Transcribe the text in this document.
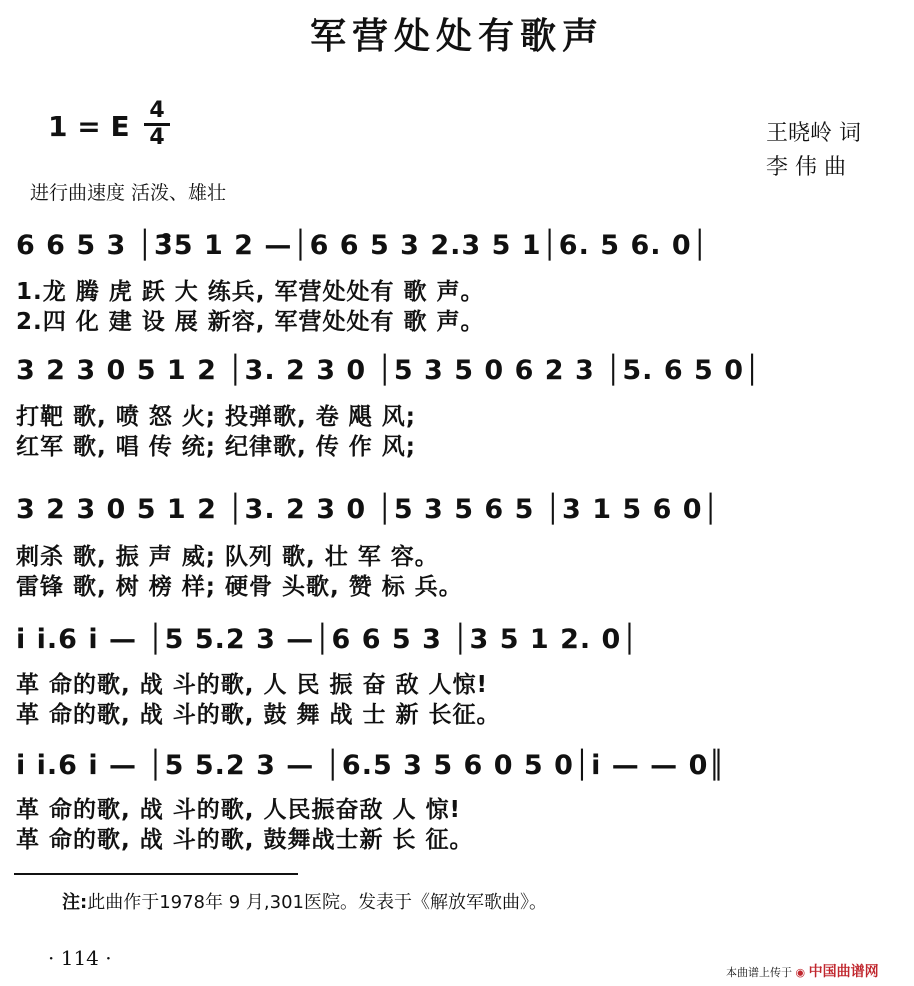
军营处处有歌声
1 = E 4
4	王晓岭 词
李 伟 曲
进行曲速度 活泼、雄壮
6 6 5 3 │3̑5 1 2 —│6 6 5 3 2.3 5 1│6. 5 6. 0│
1.龙 腾 虎 跃 大 练兵, 军营处处有 歌 声。
2.四 化 建 设 展 新容, 军营处处有 歌 声。
3 2 3 0 5 1 2 │3. 2 3 0 │5 3 5 0 6 2 3 │5. 6 5 0│
打靶 歌, 喷 怒 火; 投弹歌, 卷 飓 风;
红军 歌, 唱 传 统; 纪律歌, 传 作 风;
3 2 3 0 5 1 2 │3. 2 3 0 │5 3 5 6 5 │3 1 5 6 0│
刺杀 歌, 振 声 威; 队列 歌, 壮 军 容。
雷锋 歌, 树 榜 样; 硬骨 头歌, 赞 标 兵。
i i.6 i — │5 5.2 3 —│6 6 5 3 │3 5 1 2. 0│
革 命的歌, 战 斗的歌, 人 民 振 奋 敌 人惊!
革 命的歌, 战 斗的歌, 鼓 舞 战 士 新 长征。
i i.6 i — │5 5.2 3 — │6.5 3 5 6 0 5 0│i — — 0║
革 命的歌, 战 斗的歌, 人民振奋敌 人 惊!
革 命的歌, 战 斗的歌, 鼓舞战士新 长 征。
注:此曲作于1978年 9 月,301医院。发表于《解放军歌曲》。
· 114 ·
本曲谱上传于 ◉ 中国曲谱网
